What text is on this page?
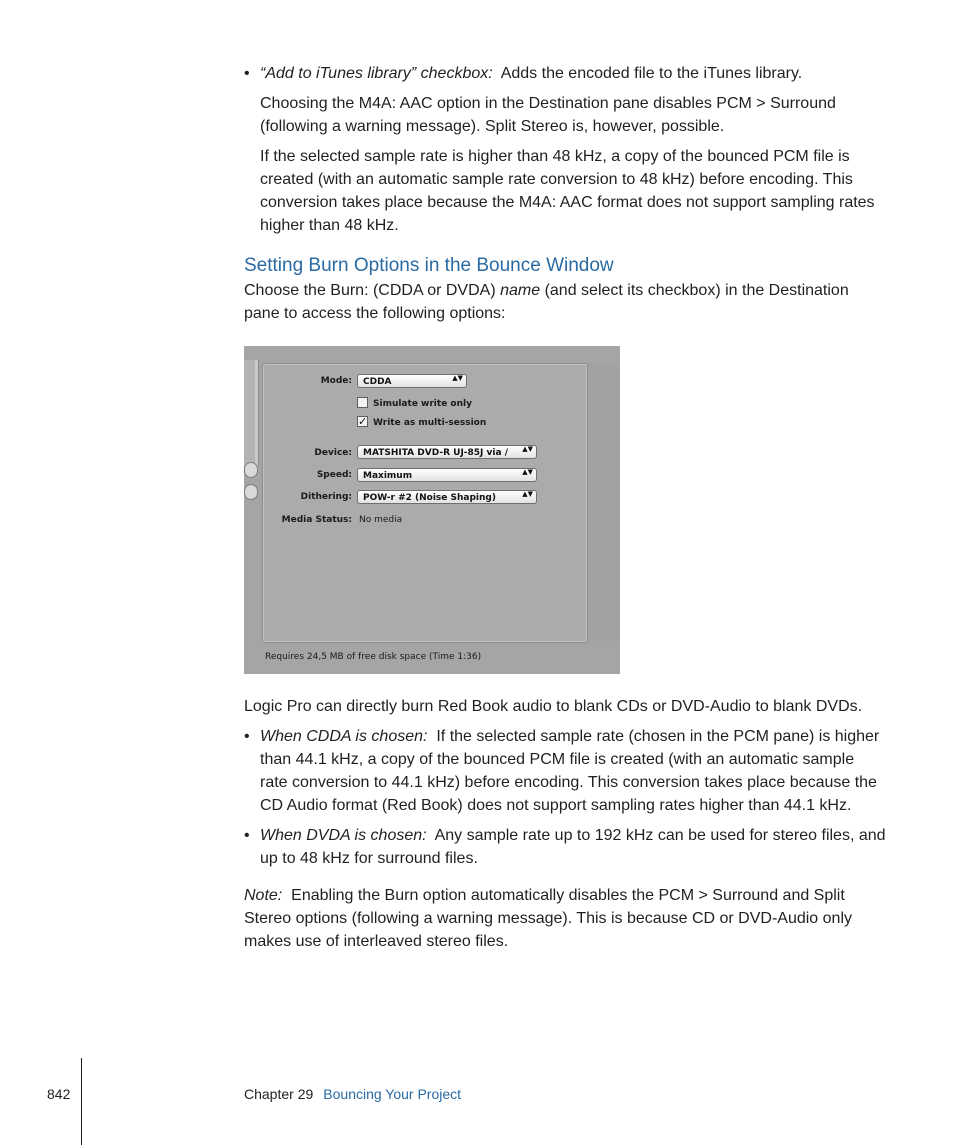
• “Add to iTunes library” checkbox: Adds the encoded file to the iTunes library.

Choosing the M4A: AAC option in the Destination pane disables PCM > Surround
(following a warning message). Split Stereo is, however, possible.

If the selected sample rate is higher than 48 kHz, a copy of the bounced PCM file is
created (with an automatic sample rate conversion to 48 kHz) before encoding. This
conversion takes place because the M4A: AAC format does not support sampling rates
higher than 48 kHz.

Setting Burn Options in the Bounce Window

Choose the Burn: (CDDA or DVDA) name (and select its checkbox) in the Destination
pane to access the following options:

Mode:	CDDA	▲▼
Simulate write only
✓ Write as multi-session
Device:	MATSHITA DVD-R UJ-85J via / ▲▼
Speed:	Maximum	▲▼
Dithering:	POW-r #2 (Noise Shaping)	▲▼
Media Status: No media
Requires 24,5 MB of free disk space (Time 1:36)

Logic Pro can directly burn Red Book audio to blank CDs or DVD-Audio to blank DVDs.

• When CDDA is chosen: If the selected sample rate (chosen in the PCM pane) is higher
than 44.1 kHz, a copy of the bounced PCM file is created (with an automatic sample
rate conversion to 44.1 kHz) before encoding. This conversion takes place because the
CD Audio format (Red Book) does not support sampling rates higher than 44.1 kHz.

• When DVDA is chosen: Any sample rate up to 192 kHz can be used for stereo files, and
up to 48 kHz for surround files.

Note: Enabling the Burn option automatically disables the PCM > Surround and Split
Stereo options (following a warning message). This is because CD or DVD-Audio only
makes use of interleaved stereo files.

842	Chapter 29 Bouncing Your Project
